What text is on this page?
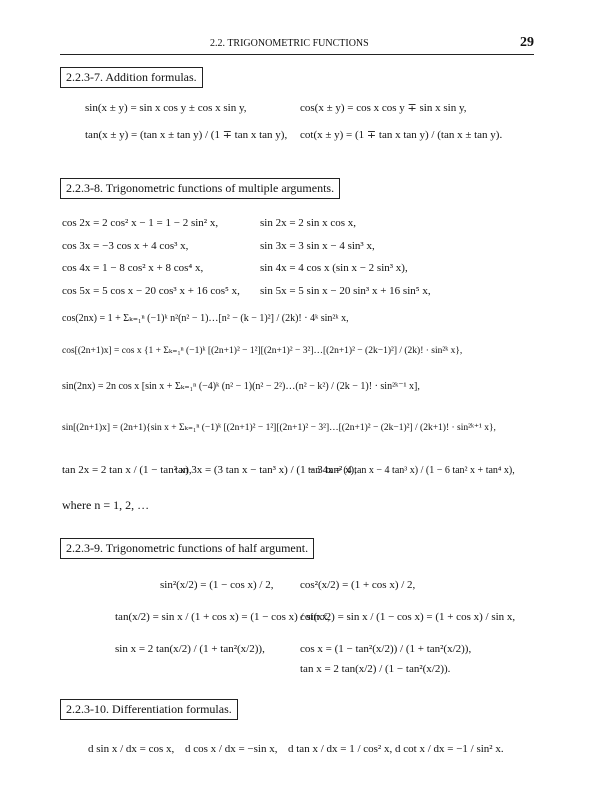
2.2. TRIGONOMETRIC FUNCTIONS	29
2.2.3-7. Addition formulas.
sin(x ± y) = sin x cos y ± cos x sin y,	cos(x ± y) = cos x cos y ∓ sin x sin y,
tan(x ± y) = (tan x ± tan y) / (1 ∓ tan x tan y), cot(x ± y) = (1 ∓ tan x tan y) / (tan x ± tan y).
2.2.3-8. Trigonometric functions of multiple arguments.
cos 2x = 2 cos² x − 1 = 1 − 2 sin² x,	sin 2x = 2 sin x cos x,
cos 3x = −3 cos x + 4 cos³ x,	sin 3x = 3 sin x − 4 sin³ x,
cos 4x = 1 − 8 cos² x + 8 cos⁴ x,	sin 4x = 4 cos x (sin x − 2 sin³ x),
cos 5x = 5 cos x − 20 cos³ x + 16 cos⁵ x, sin 5x = 5 sin x − 20 sin³ x + 16 sin⁵ x,
cos(2nx) = 1 + Σₖ₌₁ⁿ (−1)ᵏ n²(n² − 1)…[n² − (k − 1)²] / (2k)! · 4ᵏ sin²ᵏ x,
cos[(2n+1)x] = cos x {1 + Σₖ₌₁ⁿ (−1)ᵏ [(2n+1)² − 1²][(2n+1)² − 3²]…[(2n+1)² − (2k−1)²] / (2k)! · sin²ᵏ x},
sin(2nx) = 2n cos x [sin x + Σₖ₌₁ⁿ (−4)ᵏ (n² − 1)(n² − 2²)…(n² − k²) / (2k − 1)! · sin²ᵏ⁻¹ x],
sin[(2n+1)x] = (2n+1){sin x + Σₖ₌₁ⁿ (−1)ᵏ [(2n+1)² − 1²][(2n+1)² − 3²]…[(2n+1)² − (2k−1)²] / (2k+1)! · sin²ᵏ⁺¹ x},
tan 2x = 2 tan x / (1 − tan² x),
tan 3x = (3 tan x − tan³ x) / (1 − 3 tan² x),
tan 4x = (4 tan x − 4 tan³ x) / (1 − 6 tan² x + tan⁴ x),
where n = 1, 2, …
2.2.3-9. Trigonometric functions of half argument.
sin²(x/2) = (1 − cos x) / 2, cos²(x/2) = (1 + cos x) / 2,
tan(x/2) = sin x / (1 + cos x) = (1 − cos x) / sin x,
cot(x/2) = sin x / (1 − cos x) = (1 + cos x) / sin x,
sin x = 2 tan(x/2) / (1 + tan²(x/2)),	cos x = (1 − tan²(x/2)) / (1 + tan²(x/2)),
tan x = 2 tan(x/2) / (1 − tan²(x/2)).
2.2.3-10. Differentiation formulas.
d sin x / dx = cos x, d cos x / dx = −sin x, d tan x / dx = 1 / cos² x, d cot x / dx = −1 / sin² x.
